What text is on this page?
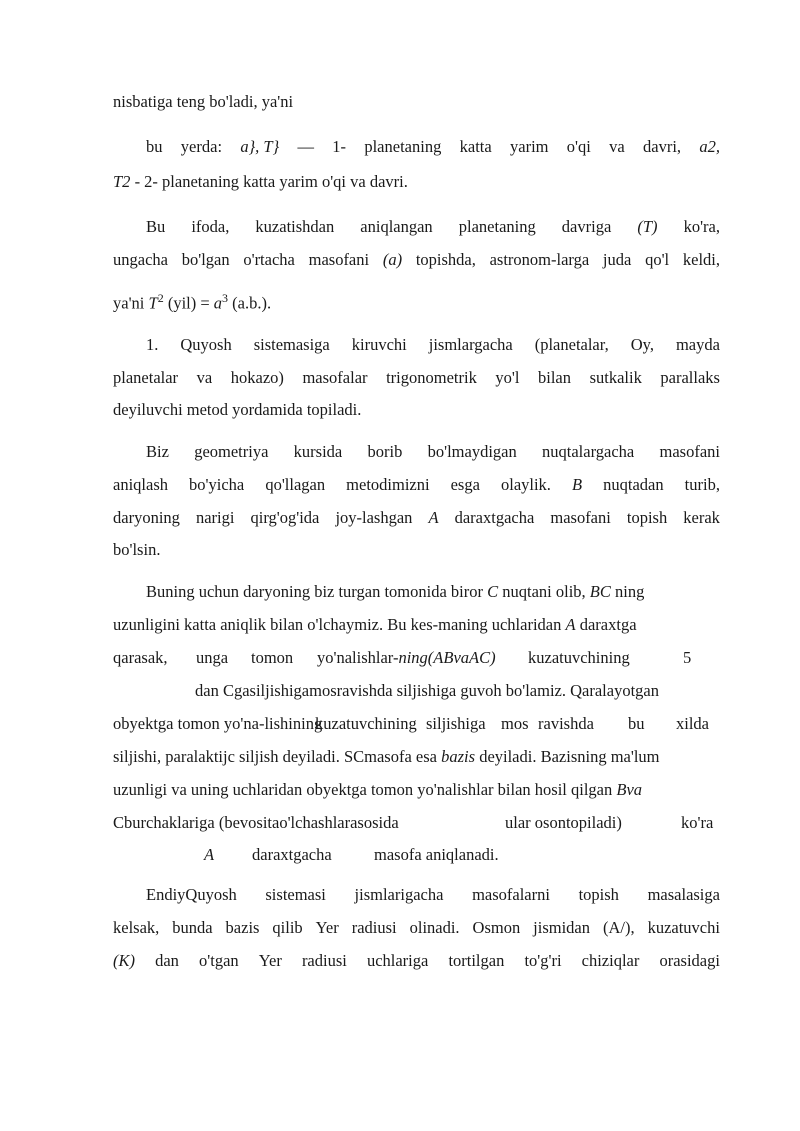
nisbatiga teng bo'ladi, ya'ni
bu yerda: a}, T} — 1- planetaning katta yarim o'qi va davri, a2,
T2 - 2- planetaning katta yarim o'qi va davri.
Bu ifoda, kuzatishdan aniqlangan planetaning davriga (T) ko'ra,
ungacha bo'lgan o'rtacha masofani (a) topishda, astronom-larga juda qo'l keldi,
ya'ni $T^2$ $(yil) = a^3$ (a.b.).
1. Quyosh sistemasiga kiruvchi jismlargacha (planetalar, Oy, mayda
planetalar va hokazo) masofalar trigonometrik yo'l bilan sutkalik parallaks
deyiluvchi metod yordamida topiladi.
Biz geometriya kursida borib bo'lmaydigan nuqtalargacha masofani
aniqlash bo'yicha qo'llagan metodimizni esga olaylik. B nuqtadan turib,
daryoning narigi qirg'og'ida joy-lashgan A daraxtgacha masofani topish kerak
bo'lsin.
Buning uchun daryoning biz turgan tomonida biror C nuqtani olib, BC ning
uzunligini katta aniqlik bilan o'lchaymiz. Bu kes-maning uchlaridan A daraxtga
qarasak, unga tomon yo'nalishlar-ning(ABvaAC) kuzatuvchining	5
dan Cgasiljishigamosravishda siljishiga guvoh bo'lamiz. Qaralayotgan
obyektga tomon yo'na-lishining
kuzatuvchining siljishiga mos ravishda bu xilda
siljishi, paralaktijc siljish deyiladi. SCmasofa esa bazis deyiladi. Bazisning ma'lum
uzunligi va uning uchlaridan obyektga tomon yo'nalishlar bilan hosil qilgan Bva
Cburchaklariga (bevositao'lchashlarasosida	ular osontopiladi)	ko'ra
A daraxtgacha	masofa aniqlanadi.
EndiyQuyosh sistemasi jismlarigacha masofalarni topish masalasiga
kelsak, bunda bazis qilib Yer radiusi olinadi. Osmon jismidan (A/), kuzatuvchi
(K) dan o'tgan Yer radiusi uchlariga tortilgan to'g'ri chiziqlar orasidagi
